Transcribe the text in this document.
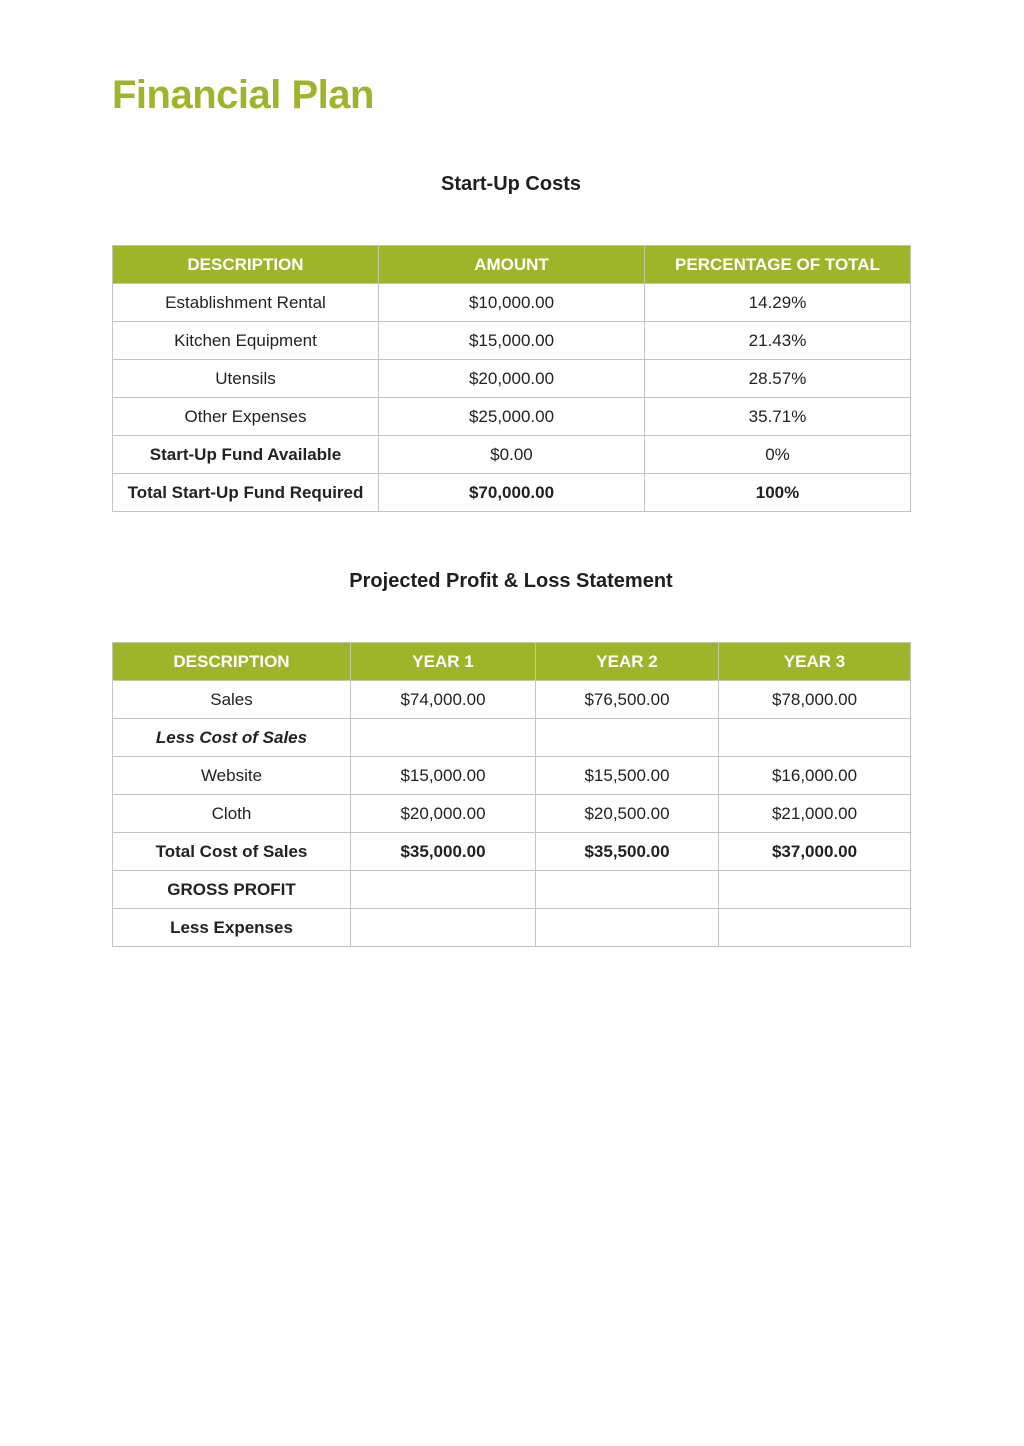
Financial Plan
Start-Up Costs
DESCRIPTION	AMOUNT	PERCENTAGE OF TOTAL
Establishment Rental	$10,000.00	14.29%
Kitchen Equipment	$15,000.00	21.43%
Utensils	$20,000.00	28.57%
Other Expenses	$25,000.00	35.71%
Start-Up Fund Available	$0.00	0%
Total Start-Up Fund Required	$70,000.00	100%
Projected Profit & Loss Statement
DESCRIPTION	YEAR 1	YEAR 2	YEAR 3
Sales	$74,000.00	$76,500.00	$78,000.00
Less Cost of Sales			
Website	$15,000.00	$15,500.00	$16,000.00
Cloth	$20,000.00	$20,500.00	$21,000.00
Total Cost of Sales	$35,000.00	$35,500.00	$37,000.00
GROSS PROFIT			
Less Expenses			
